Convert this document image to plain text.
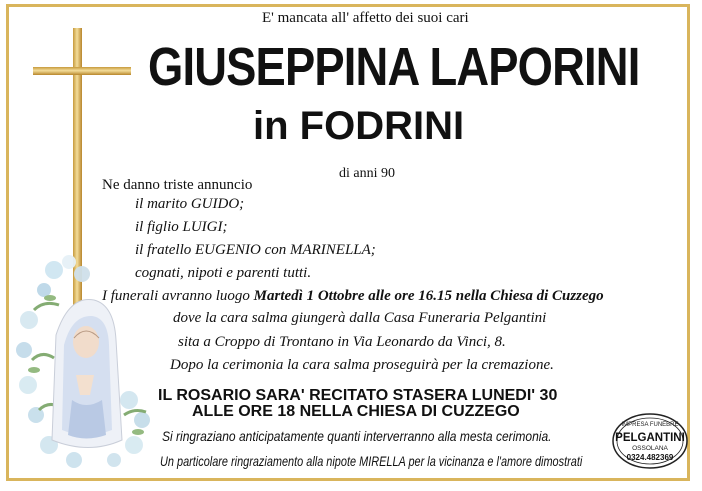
E' mancata all' affetto dei suoi cari
GIUSEPPINA LAPORINI
in FODRINI
di anni 90
Ne danno triste annuncio
il marito GUIDO;
il figlio LUIGI;
il fratello EUGENIO con MARINELLA;
cognati, nipoti e parenti tutti.
I funerali avranno luogo Martedì 1 Ottobre alle ore 16.15 nella Chiesa di Cuzzego
dove la cara salma giungerà dalla Casa Funeraria Pelgantini
sita a Croppo di Trontano in Via Leonardo da Vinci, 8.
Dopo la cerimonia la cara salma proseguirà per la cremazione.
IL ROSARIO SARA' RECITATO STASERA LUNEDI' 30
ALLE ORE 18 NELLA CHIESA DI CUZZEGO
Si ringraziano anticipatamente quanti interverranno alla mesta cerimonia.
Un particolare ringraziamento alla nipote MIRELLA per la vicinanza e l'amore dimostrati
IMPRESA FUNEBRE
PELGANTINI
OSSOLANA
0324.482369
